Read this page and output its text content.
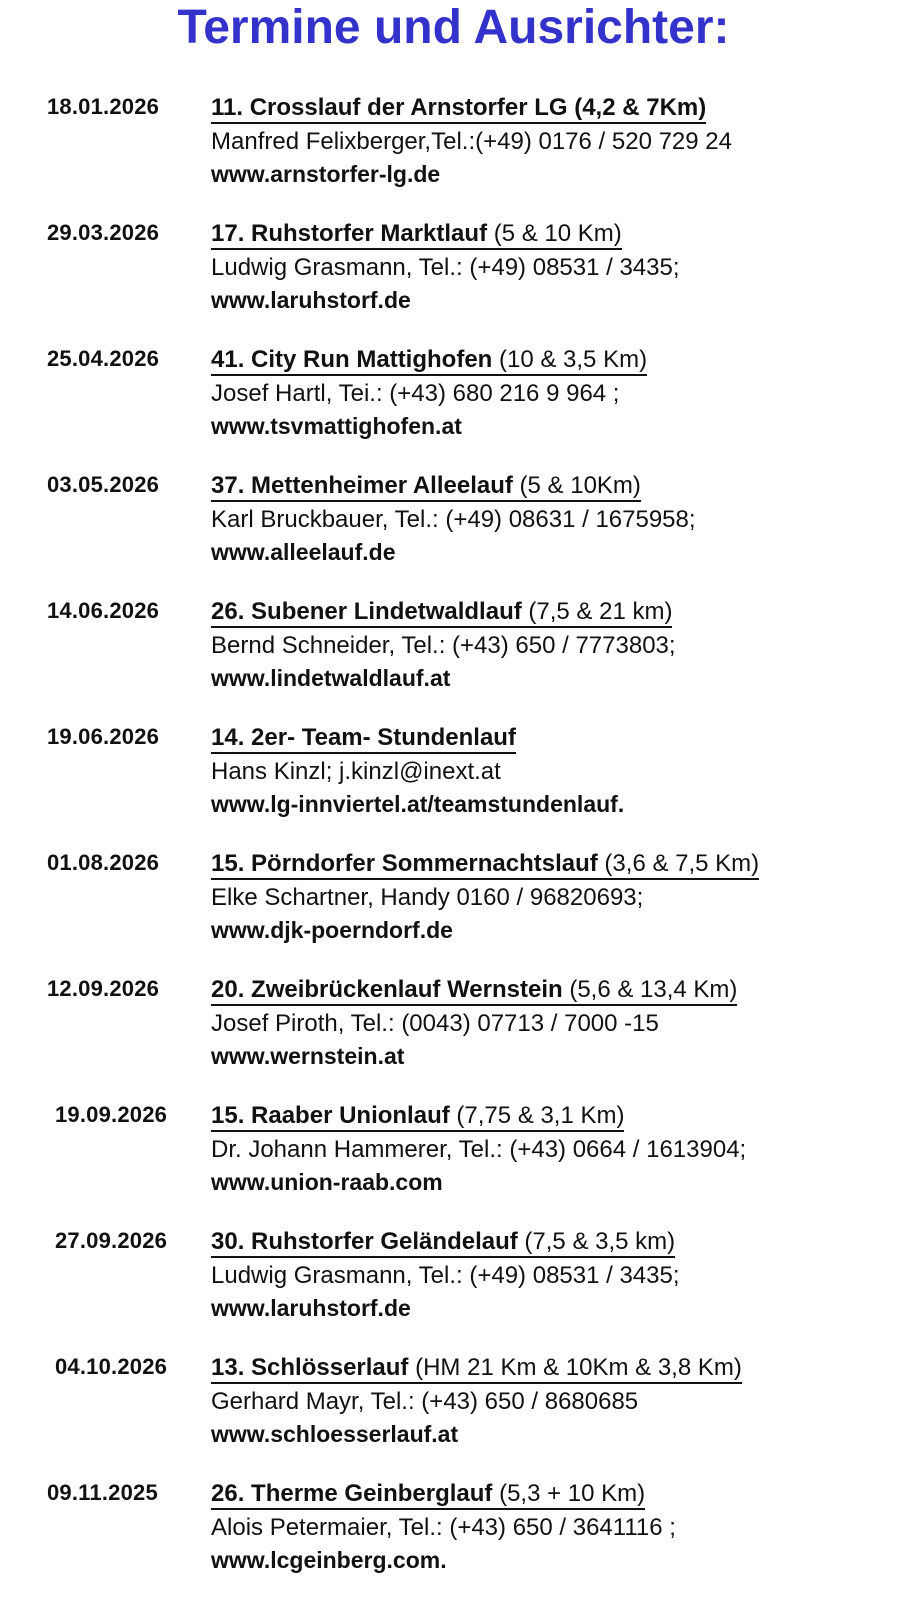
Termine und Ausrichter:
18.01.2026 11. Crosslauf der Arnstorfer LG (4,2 & 7Km)
Manfred Felixberger,Tel.:(+49) 0176 / 520 729 24
www.arnstorfer-lg.de
29.03.2026 17. Ruhstorfer Marktlauf (5 & 10 Km)
Ludwig Grasmann, Tel.: (+49) 08531 / 3435;
www.laruhstorf.de
25.04.2026 41. City Run Mattighofen (10 & 3,5 Km)
Josef Hartl, Tei.: (+43) 680 216 9 964 ;
www.tsvmattighofen.at
03.05.2026 37. Mettenheimer Alleelauf (5 & 10Km)
Karl Bruckbauer, Tel.: (+49) 08631 / 1675958;
www.alleelauf.de
14.06.2026 26. Subener Lindetwaldlauf (7,5 & 21 km)
Bernd Schneider, Tel.: (+43) 650 / 7773803;
www.lindetwaldlauf.at
19.06.2026 14. 2er- Team- Stundenlauf
Hans Kinzl; j.kinzl@inext.at
www.lg-innviertel.at/teamstundenlauf.
01.08.2026 15. Pörndorfer Sommernachtslauf (3,6 & 7,5 Km)
Elke Schartner, Handy 0160 / 96820693;
www.djk-poerndorf.de
12.09.2026 20. Zweibrückenlauf Wernstein (5,6 & 13,4 Km)
Josef Piroth, Tel.: (0043) 07713 / 7000 -15
www.wernstein.at
19.09.2026 15. Raaber Unionlauf (7,75 & 3,1 Km)
Dr. Johann Hammerer, Tel.: (+43) 0664 / 1613904;
www.union-raab.com
27.09.2026 30. Ruhstorfer Geländelauf (7,5 & 3,5 km)
Ludwig Grasmann, Tel.: (+49) 08531 / 3435;
www.laruhstorf.de
04.10.2026 13. Schlösserlauf (HM 21 Km & 10Km & 3,8 Km)
Gerhard Mayr, Tel.: (+43) 650 / 8680685
www.schloesserlauf.at
09.11.2025 26. Therme Geinberglauf (5,3 + 10 Km)
Alois Petermaier, Tel.: (+43) 650 / 3641116 ;
www.lcgeinberg.com.
